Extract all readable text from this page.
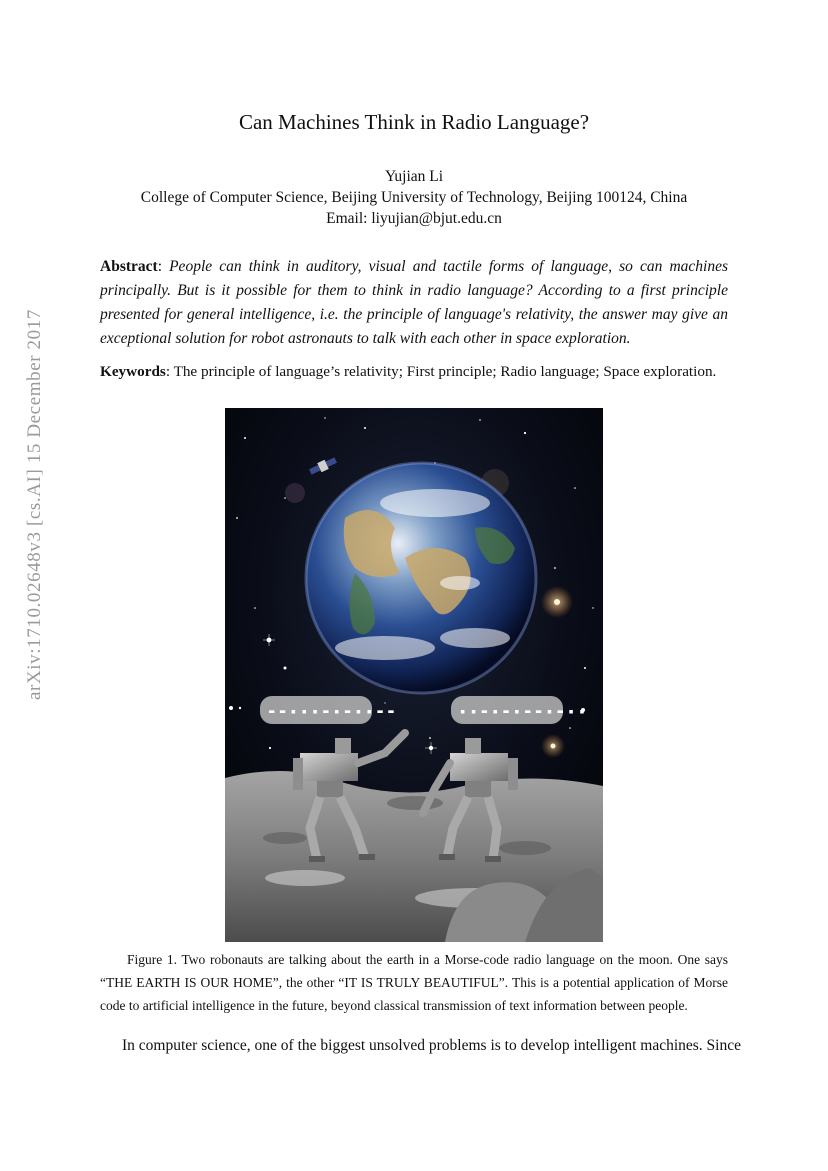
arXiv:1710.02648v3 [cs.AI] 15 December 2017
Can Machines Think in Radio Language?
Yujian Li
College of Computer Science, Beijing University of Technology, Beijing 100124, China
Email: liyujian@bjut.edu.cn
Abstract: People can think in auditory, visual and tactile forms of language, so can machines principally. But is it possible for them to think in radio language? According to a first principle presented for general intelligence, i.e. the principle of language's relativity, the answer may give an exceptional solution for robot astronauts to talk with each other in space exploration.
Keywords: The principle of language’s relativity; First principle; Radio language; Space exploration.
▬ ▬ ▪ ▪ ▪ ▬ ▪ ▬ ▪ ▪ ▬ ▬	▪ ▪ ▬ ▪ ▬ ▪ ▬ ▬ ▪ ▬ ▪ ▪
Figure 1. Two robonauts are talking about the earth in a Morse-code radio language on the moon. One says “THE EARTH IS OUR HOME”, the other “IT IS TRULY BEAUTIFUL”. This is a potential application of Morse code to artificial intelligence in the future, beyond classical transmission of text information between people.
In computer science, one of the biggest unsolved problems is to develop intelligent machines. Since
